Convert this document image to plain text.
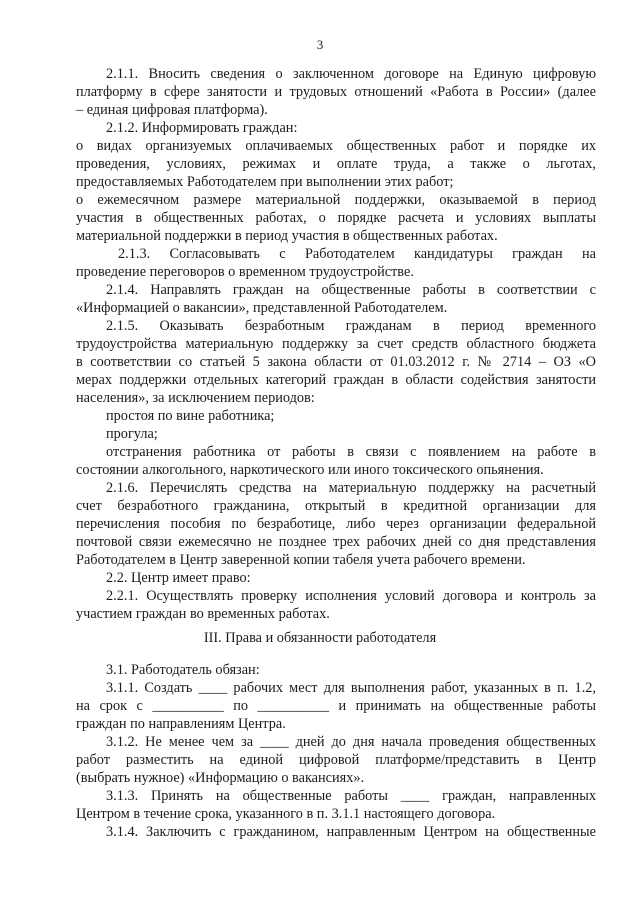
3
2.1.1. Вносить сведения о заключенном договоре на Единую цифровую
платформу в сфере занятости и трудовых отношений «Работа в России» (далее
– единая цифровая платформа).
2.1.2. Информировать граждан:
о видах организуемых оплачиваемых общественных работ и порядке их
проведения, условиях, режимах и оплате труда, а также о льготах,
предоставляемых Работодателем при выполнении этих работ;
о ежемесячном размере материальной поддержки, оказываемой в период
участия в общественных работах, о порядке расчета и условиях выплаты
материальной поддержки в период участия в общественных работах.
2.1.3. Согласовывать с Работодателем кандидатуры граждан на
проведение переговоров о временном трудоустройстве.
2.1.4. Направлять граждан на общественные работы в соответствии с
«Информацией о вакансии», представленной Работодателем.
2.1.5. Оказывать безработным гражданам в период временного
трудоустройства материальную поддержку за счет средств областного бюджета
в соответствии со статьей 5 закона области от 01.03.2012 г. № 2714 – ОЗ «О
мерах поддержки отдельных категорий граждан в области содействия занятости
населения», за исключением периодов:
простоя по вине работника;
прогула;
отстранения работника от работы в связи с появлением на работе в
состоянии алкогольного, наркотического или иного токсического опьянения.
2.1.6. Перечислять средства на материальную поддержку на расчетный
счет безработного гражданина, открытый в кредитной организации для
перечисления пособия по безработице, либо через организации федеральной
почтовой связи ежемесячно не позднее трех рабочих дней со дня представления
Работодателем в Центр заверенной копии табеля учета рабочего времени.
2.2. Центр имеет право:
2.2.1. Осуществлять проверку исполнения условий договора и контроль за
участием граждан во временных работах.
III. Права и обязанности работодателя
3.1. Работодатель обязан:
3.1.1. Создать ____ рабочих мест для выполнения работ, указанных в п. 1.2,
на срок с __________ по __________ и принимать на общественные работы
граждан по направлениям Центра.
3.1.2. Не менее чем за ____ дней до дня начала проведения общественных
работ разместить на единой цифровой платформе/представить в Центр
(выбрать нужное) «Информацию о вакансиях».
3.1.3. Принять на общественные работы ____ граждан, направленных
Центром в течение срока, указанного в п. 3.1.1 настоящего договора.
3.1.4. Заключить с гражданином, направленным Центром на общественные
